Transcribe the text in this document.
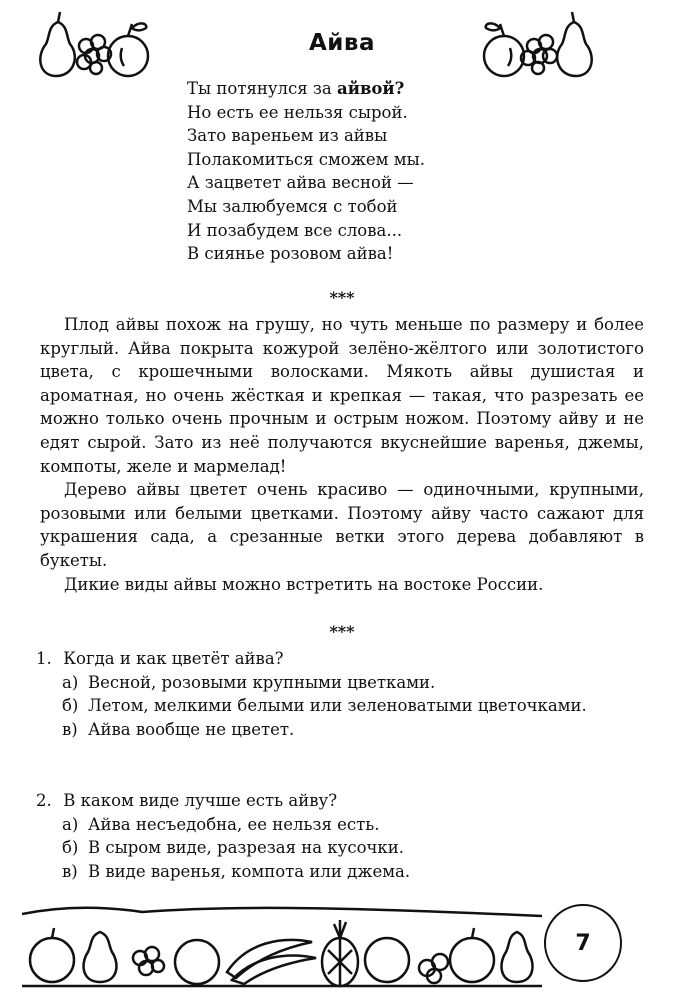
Айва
Ты потянулся за айвой?
Но есть ее нельзя сырой.
Зато вареньем из айвы
Полакомиться сможем мы.
А зацветет айва весной —
Мы залюбуемся с тобой
И позабудем все слова...
В сиянье розовом айва!
***

Плод айвы похож на грушу, но чуть меньше по размеру и более круглый. Айва покрыта кожурой зелёно-жёлтого или золотистого цвета, с крошечными волосками. Мякоть айвы душистая и ароматная, но очень жёсткая и крепкая — такая, что разрезать ее можно только очень прочным и острым ножом. Поэтому айву и не едят сырой. Зато из неё получаются вкуснейшие варенья, джемы, компоты, желе и мармелад!

Дерево айвы цветет очень красиво — одиночными, крупными, розовыми или белыми цветками. Поэтому айву часто сажают для украшения сада, а срезанные ветки этого дерева добавляют в букеты.

Дикие виды айвы можно встретить на востоке России.

***
1. Когда и как цветёт айва?
а) Весной, розовыми крупными цветками.
б) Летом, мелкими белыми или зеленоватыми цветочками.
в) Айва вообще не цветет.
2. В каком виде лучше есть айву?
а) Айва несъедобна, ее нельзя есть.
б) В сыром виде, разрезая на кусочки.
в) В виде варенья, компота или джема.
7
